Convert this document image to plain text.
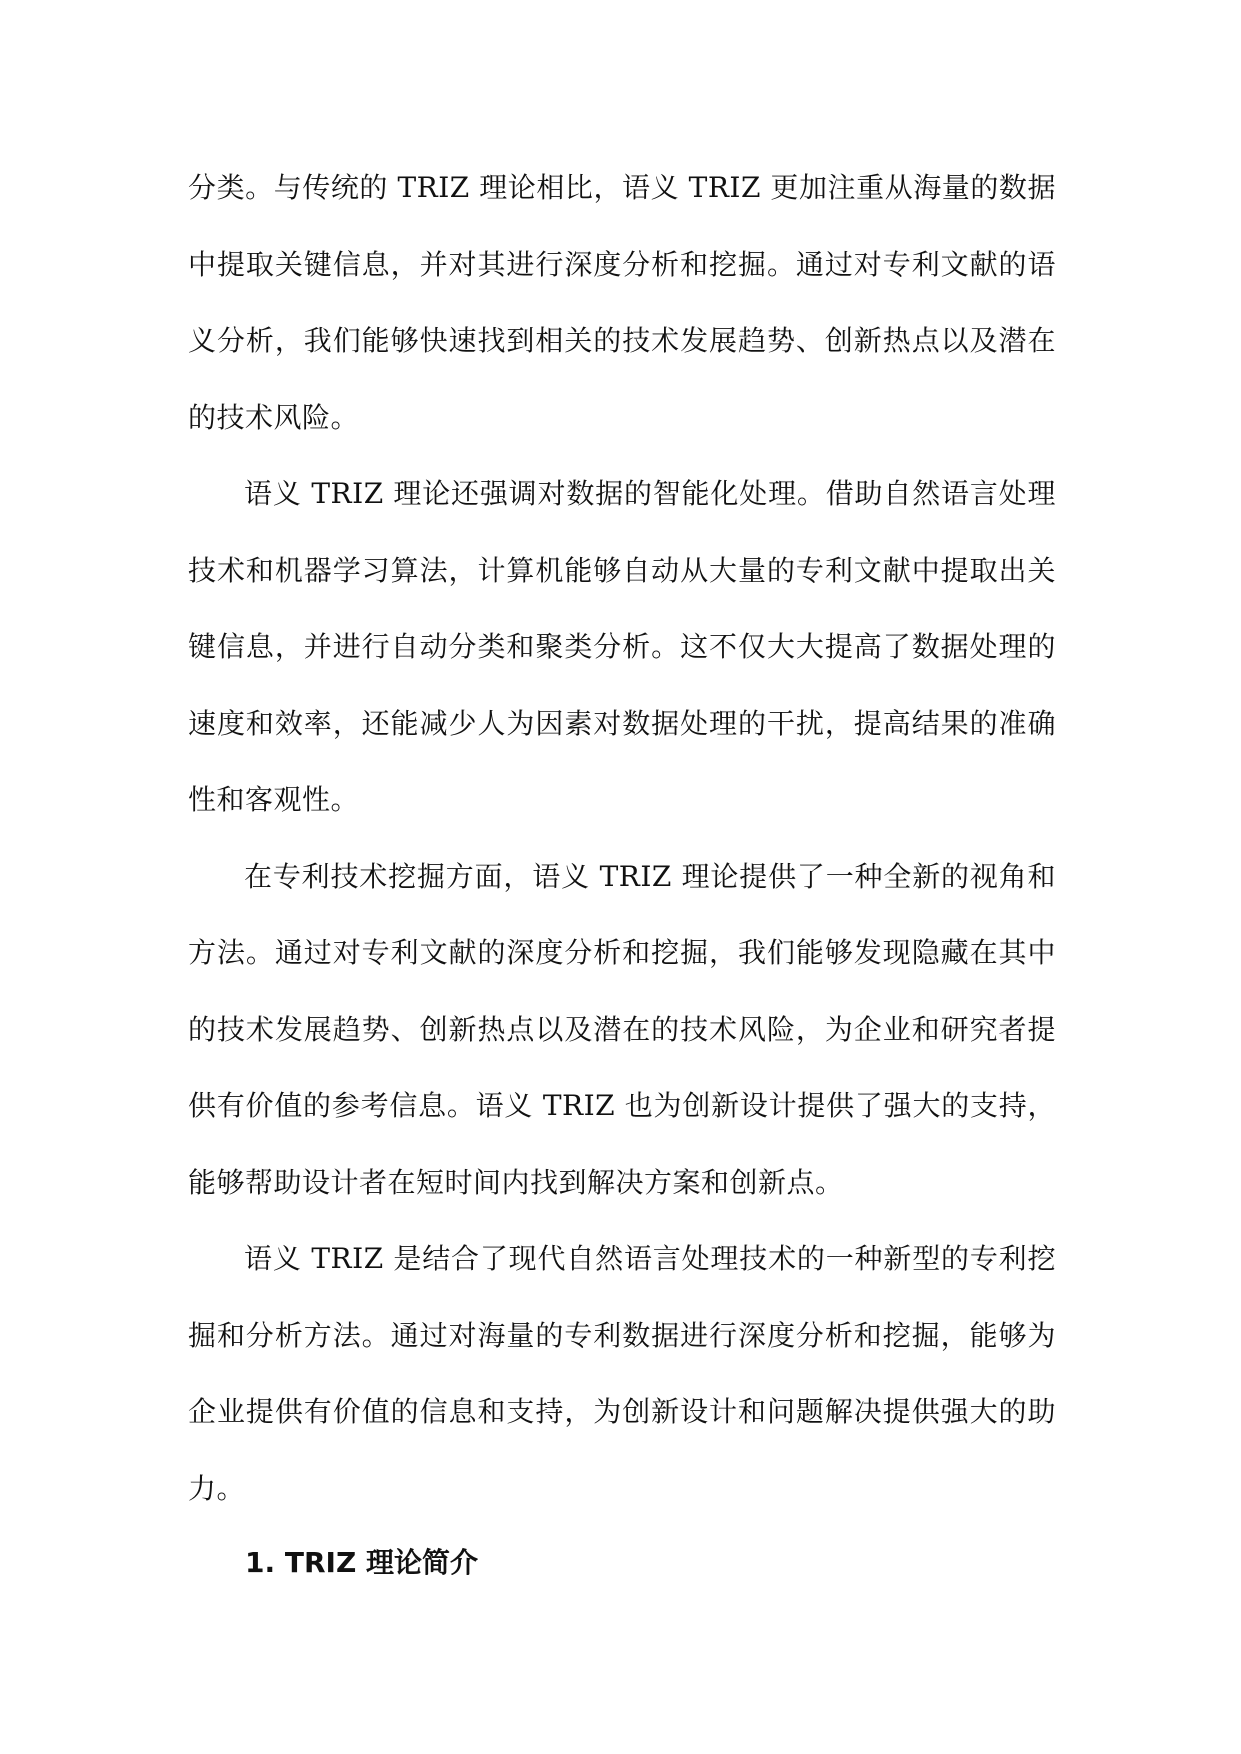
分类。与传统的 TRIZ 理论相比，语义 TRIZ 更加注重从海量的数据中提取关键信息，并对其进行深度分析和挖掘。通过对专利文献的语义分析，我们能够快速找到相关的技术发展趋势、创新热点以及潜在的技术风险。

语义 TRIZ 理论还强调对数据的智能化处理。借助自然语言处理技术和机器学习算法，计算机能够自动从大量的专利文献中提取出关键信息，并进行自动分类和聚类分析。这不仅大大提高了数据处理的速度和效率，还能减少人为因素对数据处理的干扰，提高结果的准确性和客观性。

在专利技术挖掘方面，语义 TRIZ 理论提供了一种全新的视角和方法。通过对专利文献的深度分析和挖掘，我们能够发现隐藏在其中的技术发展趋势、创新热点以及潜在的技术风险，为企业和研究者提供有价值的参考信息。语义 TRIZ 也为创新设计提供了强大的支持，能够帮助设计者在短时间内找到解决方案和创新点。

语义 TRIZ 是结合了现代自然语言处理技术的一种新型的专利挖掘和分析方法。通过对海量的专利数据进行深度分析和挖掘，能够为企业提供有价值的信息和支持，为创新设计和问题解决提供强大的助力。

1. TRIZ 理论简介
